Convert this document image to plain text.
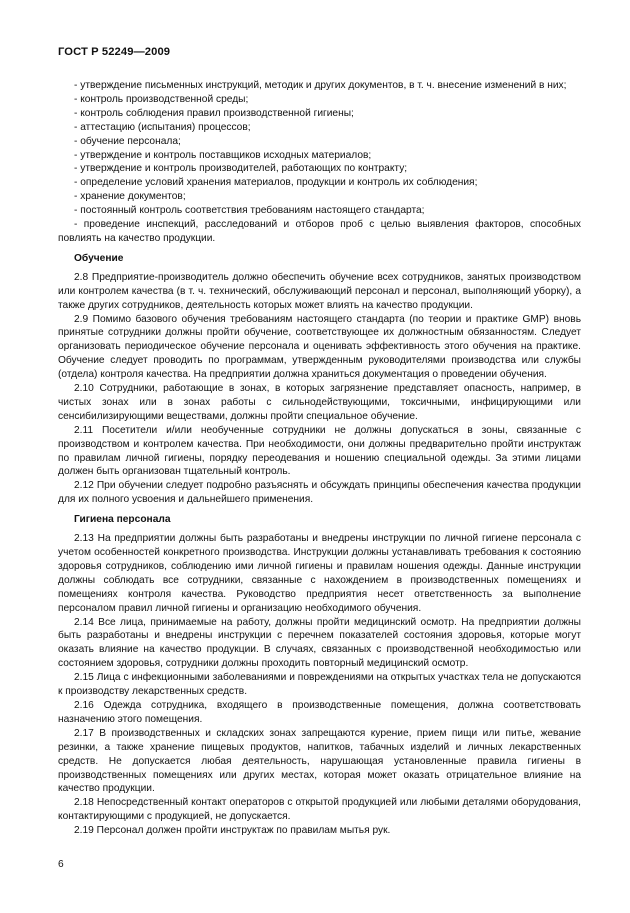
ГОСТ Р 52249—2009

- утверждение письменных инструкций, методик и других документов, в т. ч. внесение изменений в них;

- контроль производственной среды;

- контроль соблюдения правил производственной гигиены;

- аттестацию (испытания) процессов;

- обучение персонала;

- утверждение и контроль поставщиков исходных материалов;

- утверждение и контроль производителей, работающих по контракту;

- определение условий хранения материалов, продукции и контроль их соблюдения;

- хранение документов;

- постоянный контроль соответствия требованиям настоящего стандарта;

- проведение инспекций, расследований и отборов проб с целью выявления факторов, способных повлиять на качество продукции.

Обучение

2.8 Предприятие-производитель должно обеспечить обучение всех сотрудников, занятых производством или контролем качества (в т. ч. технический, обслуживающий персонал и персонал, выполняющий уборку), а также других сотрудников, деятельность которых может влиять на качество продукции.

2.9 Помимо базового обучения требованиям настоящего стандарта (по теории и практике GMP) вновь принятые сотрудники должны пройти обучение, соответствующее их должностным обязанностям. Следует организовать периодическое обучение персонала и оценивать эффективность этого обучения на практике. Обучение следует проводить по программам, утвержденным руководителями производства или службы (отдела) контроля качества. На предприятии должна храниться документация о проведении обучения.

2.10 Сотрудники, работающие в зонах, в которых загрязнение представляет опасность, например, в чистых зонах или в зонах работы с сильнодействующими, токсичными, инфицирующими или сенсибилизирующими веществами, должны пройти специальное обучение.

2.11 Посетители и/или необученные сотрудники не должны допускаться в зоны, связанные с производством и контролем качества. При необходимости, они должны предварительно пройти инструктаж по правилам личной гигиены, порядку переодевания и ношению специальной одежды. За этими лицами должен быть организован тщательный контроль.

2.12 При обучении следует подробно разъяснять и обсуждать принципы обеспечения качества продукции для их полного усвоения и дальнейшего применения.

Гигиена персонала

2.13 На предприятии должны быть разработаны и внедрены инструкции по личной гигиене персонала с учетом особенностей конкретного производства. Инструкции должны устанавливать требования к состоянию здоровья сотрудников, соблюдению ими личной гигиены и правилам ношения одежды. Данные инструкции должны соблюдать все сотрудники, связанные с нахождением в производственных помещениях и помещениях контроля качества. Руководство предприятия несет ответственность за выполнение персоналом правил личной гигиены и организацию необходимого обучения.

2.14 Все лица, принимаемые на работу, должны пройти медицинский осмотр. На предприятии должны быть разработаны и внедрены инструкции с перечнем показателей состояния здоровья, которые могут оказать влияние на качество продукции. В случаях, связанных с производственной необходимостью или состоянием здоровья, сотрудники должны проходить повторный медицинский осмотр.

2.15 Лица с инфекционными заболеваниями и повреждениями на открытых участках тела не допускаются к производству лекарственных средств.

2.16 Одежда сотрудника, входящего в производственные помещения, должна соответствовать назначению этого помещения.

2.17 В производственных и складских зонах запрещаются курение, прием пищи или питье, жевание резинки, а также хранение пищевых продуктов, напитков, табачных изделий и личных лекарственных средств. Не допускается любая деятельность, нарушающая установленные правила гигиены в производственных помещениях или других местах, которая может оказать отрицательное влияние на качество продукции.

2.18 Непосредственный контакт операторов с открытой продукцией или любыми деталями оборудования, контактирующими с продукцией, не допускается.

2.19 Персонал должен пройти инструктаж по правилам мытья рук.

6
